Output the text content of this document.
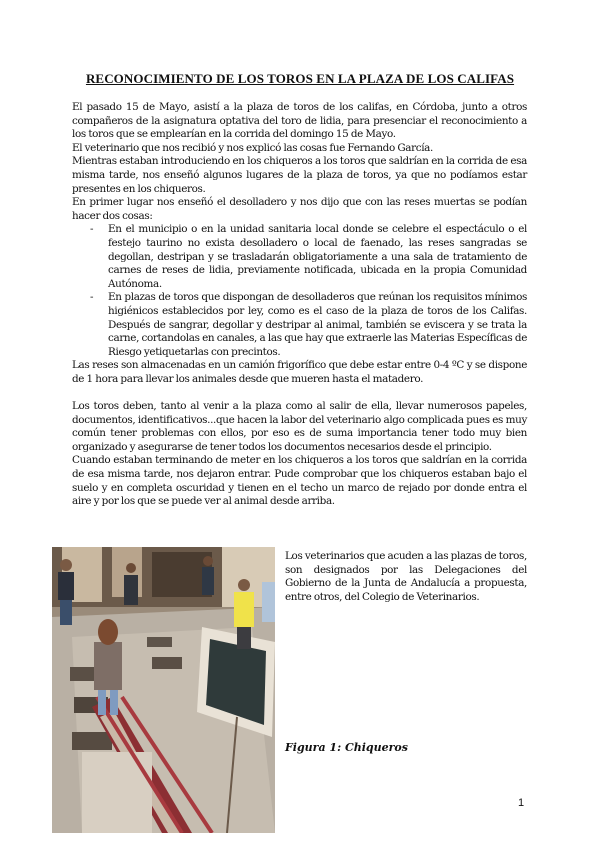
RECONOCIMIENTO DE LOS TOROS EN LA PLAZA DE LOS CALIFAS

El pasado 15 de Mayo, asistí a la plaza de toros de los califas, en Córdoba, junto a otros compañeros de la asignatura optativa del toro de lidia, para presenciar el reconocimiento a los toros que se emplearían en la corrida del domingo 15 de Mayo.

El veterinario que nos recibió y nos explicó las cosas fue Fernando García.

Mientras estaban introduciendo en los chiqueros a los toros que saldrían en la corrida de esa misma tarde, nos enseñó algunos lugares de la plaza de toros, ya que no podíamos estar presentes en los chiqueros.

En primer lugar nos enseñó el desolladero y nos dijo que con las reses muertas se podían hacer dos cosas:

- En el municipio o en la unidad sanitaria local donde se celebre el espectáculo o el festejo taurino no exista desolladero o local de faenado, las reses sangradas se degollan, destripan y se trasladarán obligatoriamente a una sala de tratamiento de carnes de reses de lidia, previamente notificada, ubicada en la propia Comunidad Autónoma.
- En plazas de toros que dispongan de desolladeros que reúnan los requisitos mínimos higiénicos establecidos por ley, como es el caso de la plaza de toros de los Califas. Después de sangrar, degollar y destripar al animal, también se eviscera y se trata la carne, cortandolas en canales, a las que hay que extraerle las Materias Específicas de Riesgo yetiquetarlas con precintos.

Las reses son almacenadas en un camión frigorífico que debe estar entre 0-4 ºC y se dispone de 1 hora para llevar los animales desde que mueren hasta el matadero.

Los toros deben, tanto al venir a la plaza como al salir de ella, llevar numerosos papeles, documentos, identificativos...que hacen la labor del veterinario algo complicada pues es muy común tener problemas con ellos, por eso es de suma importancia tener todo muy bien organizado y asegurarse de tener todos los documentos necesarios desde el principio.

Cuando estaban terminando de meter en los chiqueros a los toros que saldrían en la corrida de esa misma tarde, nos dejaron entrar. Pude comprobar que los chiqueros estaban bajo el suelo y en completa oscuridad y tienen en el techo un marco de rejado por donde entra el aire y por los que se puede ver al animal desde arriba.

Los veterinarios que acuden a las plazas de toros, son designados por las Delegaciones del Gobierno de la Junta de Andalucía a propuesta, entre otros, del Colegio de Veterinarios.
Figura 1: Chiqueros
1
